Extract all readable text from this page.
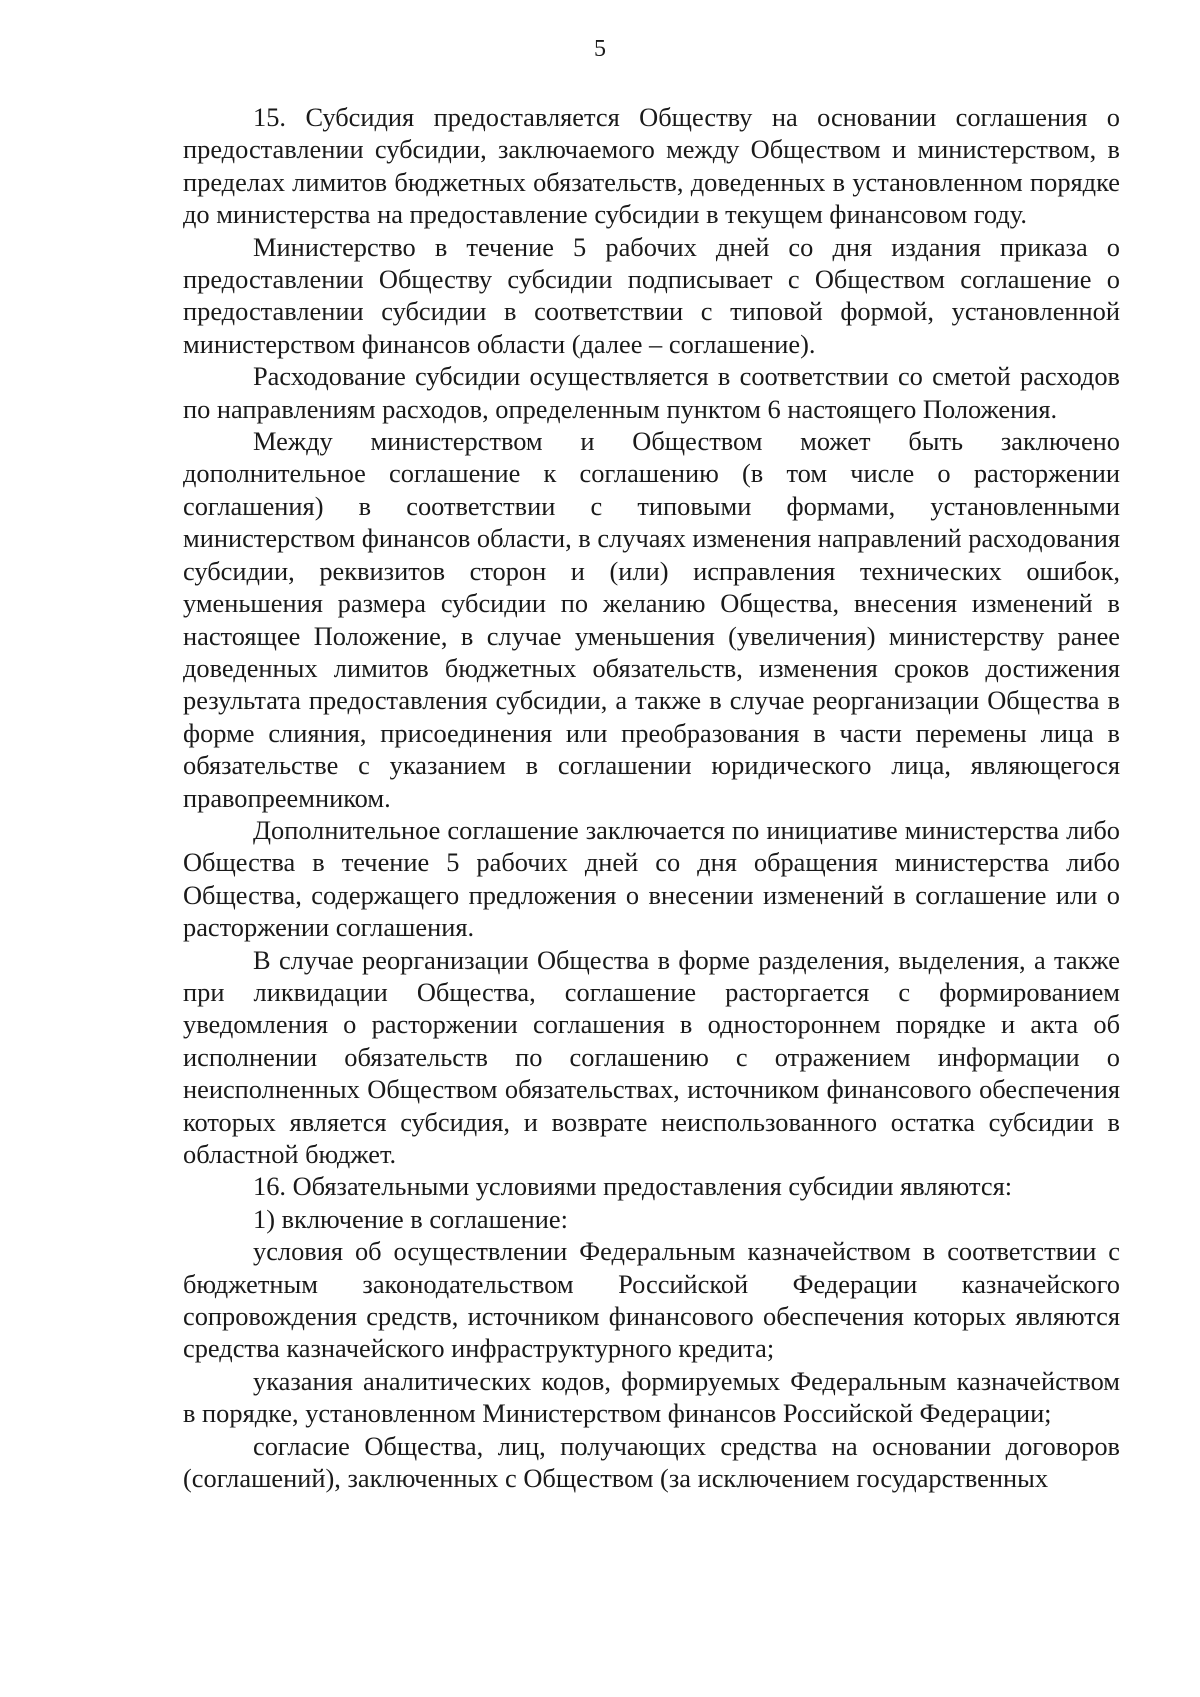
5

15. Субсидия предоставляется Обществу на основании соглашения о предоставлении субсидии, заключаемого между Обществом и министерством, в пределах лимитов бюджетных обязательств, доведенных в установленном порядке до министерства на предоставление субсидии в текущем финансовом году.

Министерство в течение 5 рабочих дней со дня издания приказа о предоставлении Обществу субсидии подписывает с Обществом соглашение о предоставлении субсидии в соответствии с типовой формой, установленной министерством финансов области (далее – соглашение).

Расходование субсидии осуществляется в соответствии со сметой расходов по направлениям расходов, определенным пунктом 6 настоящего Положения.

Между министерством и Обществом может быть заключено дополнительное соглашение к соглашению (в том числе о расторжении соглашения) в соответствии с типовыми формами, установленными министерством финансов области, в случаях изменения направлений расходования субсидии, реквизитов сторон и (или) исправления технических ошибок, уменьшения размера субсидии по желанию Общества, внесения изменений в настоящее Положение, в случае уменьшения (увеличения) министерству ранее доведенных лимитов бюджетных обязательств, изменения сроков достижения результата предоставления субсидии, а также в случае реорганизации Общества в форме слияния, присоединения или преобразования в части перемены лица в обязательстве с указанием в соглашении юридического лица, являющегося правопреемником.

Дополнительное соглашение заключается по инициативе министерства либо Общества в течение 5 рабочих дней со дня обращения министерства либо Общества, содержащего предложения о внесении изменений в соглашение или о расторжении соглашения.

В случае реорганизации Общества в форме разделения, выделения, а также при ликвидации Общества, соглашение расторгается с формированием уведомления о расторжении соглашения в одностороннем порядке и акта об исполнении обязательств по соглашению с отражением информации о неисполненных Обществом обязательствах, источником финансового обеспечения которых является субсидия, и возврате неиспользованного остатка субсидии в областной бюджет.

16. Обязательными условиями предоставления субсидии являются:

1) включение в соглашение:

условия об осуществлении Федеральным казначейством в соответствии с бюджетным законодательством Российской Федерации казначейского сопровождения средств, источником финансового обеспечения которых являются средства казначейского инфраструктурного кредита;

указания аналитических кодов, формируемых Федеральным казначейством в порядке, установленном Министерством финансов Российской Федерации;

согласие Общества, лиц, получающих средства на основании договоров (соглашений), заключенных с Обществом (за исключением государственных
